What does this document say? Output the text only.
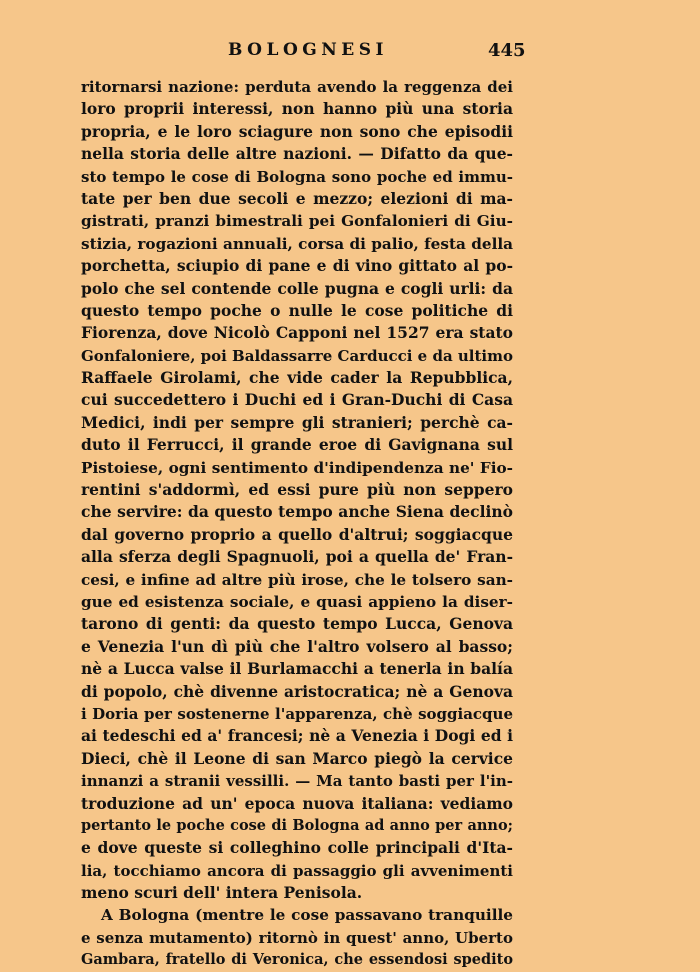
BOLOGNESI	445
ritornarsi nazione: perduta avendo la reggenza dei
loro proprii interessi, non hanno più una storia
propria, e le loro sciagure non sono che episodii
nella storia delle altre nazioni. — Difatto da que-
sto tempo le cose di Bologna sono poche ed immu-
tate per ben due secoli e mezzo; elezioni di ma-
gistrati, pranzi bimestrali pei Gonfalonieri di Giu-
stizia, rogazioni annuali, corsa di palio, festa della
porchetta, sciupio di pane e di vino gittato al po-
polo che sel contende colle pugna e cogli urli: da
questo tempo poche o nulle le cose politiche di
Fiorenza, dove Nicolò Capponi nel 1527 era stato
Gonfaloniere, poi Baldassarre Carducci e da ultimo
Raffaele Girolami, che vide cader la Repubblica,
cui succedettero i Duchi ed i Gran-Duchi di Casa
Medici, indi per sempre gli stranieri; perchè ca-
duto il Ferrucci, il grande eroe di Gavignana sul
Pistoiese, ogni sentimento d'indipendenza ne' Fio-
rentini s'addormì, ed essi pure più non seppero
che servire: da questo tempo anche Siena declinò
dal governo proprio a quello d'altrui; soggiacque
alla sferza degli Spagnuoli, poi a quella de' Fran-
cesi, e infine ad altre più irose, che le tolsero san-
gue ed esistenza sociale, e quasi appieno la diser-
tarono di genti: da questo tempo Lucca, Genova
e Venezia l'un dì più che l'altro volsero al basso;
nè a Lucca valse il Burlamacchi a tenerla in balía
di popolo, chè divenne aristocratica; nè a Genova
i Doria per sostenerne l'apparenza, chè soggiacque
ai tedeschi ed a' francesi; nè a Venezia i Dogi ed i
Dieci, chè il Leone di san Marco piegò la cervice
innanzi a stranii vessilli. — Ma tanto basti per l'in-
troduzione ad un' epoca nuova italiana: vediamo
pertanto le poche cose di Bologna ad anno per anno;
e dove queste si colleghino colle principali d'Ita-
lia, tocchiamo ancora di passaggio gli avvenimenti
meno scuri dell' intera Penisola.
A Bologna (mentre le cose passavano tranquille
e senza mutamento) ritornò in quest' anno, Uberto
Gambara, fratello di Veronica, che essendosi spedito
